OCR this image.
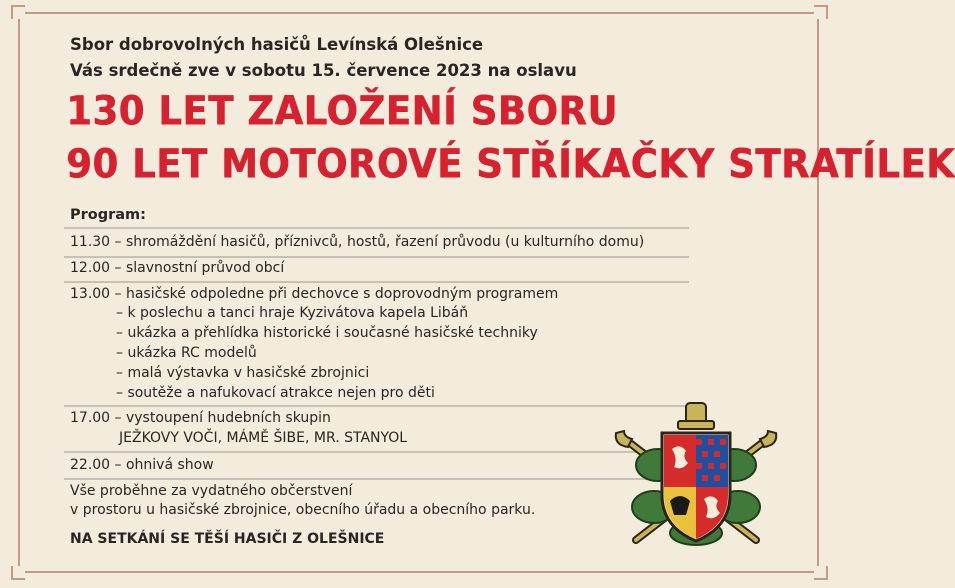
Sbor dobrovolných hasičů Levínská Olešnice
Vás srdečně zve v sobotu 15. července 2023 na oslavu
130 LET ZALOŽENÍ SBORU
90 LET MOTOROVÉ STŘÍKAČKY STRATÍLEK
Program:
11.30 – shromáždění hasičů, příznivců, hostů, řazení průvodu (u kulturního domu)
12.00 – slavnostní průvod obcí
13.00 – hasičské odpoledne při dechovce s doprovodným programem
– k poslechu a tanci hraje Kyzivátova kapela Libáň
– ukázka a přehlídka historické i současné hasičské techniky
– ukázka RC modelů
– malá výstavka v hasičské zbrojnici
– soutěže a nafukovací atrakce nejen pro děti
17.00 – vystoupení hudebních skupin
JEŽKOVY VOČI, MÁMĚ ŠIBE, MR. STANYOL
22.00 – ohnivá show
Vše proběhne za vydatného občerstvení
v prostoru u hasičské zbrojnice, obecního úřadu a obecního parku.
NA SETKÁNÍ SE TĚŠÍ HASIČI Z OLEŠNICE
